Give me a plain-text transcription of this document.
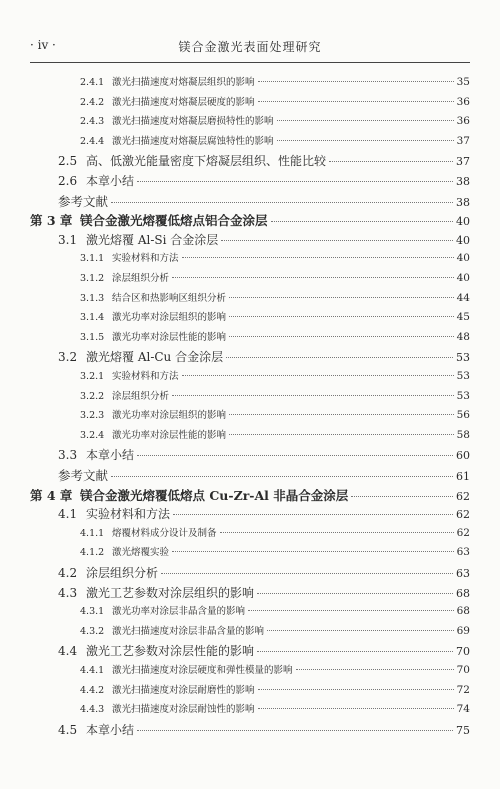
· iv ·	镁合金激光表面处理研究
2.4.1 激光扫描速度对熔凝层组织的影响	35
2.4.2 激光扫描速度对熔凝层硬度的影响	36
2.4.3 激光扫描速度对熔凝层磨损特性的影响	36
2.4.4 激光扫描速度对熔凝层腐蚀特性的影响	37
2.5 高、低激光能量密度下熔凝层组织、性能比较	37
2.6 本章小结	38
参考文献	38
第 3 章 镁合金激光熔覆低熔点铝合金涂层	40
3.1 激光熔覆 Al-Si 合金涂层	40
3.1.1 实验材料和方法	40
3.1.2 涂层组织分析	40
3.1.3 结合区和热影响区组织分析	44
3.1.4 激光功率对涂层组织的影响	45
3.1.5 激光功率对涂层性能的影响	48
3.2 激光熔覆 Al-Cu 合金涂层	53
3.2.1 实验材料和方法	53
3.2.2 涂层组织分析	53
3.2.3 激光功率对涂层组织的影响	56
3.2.4 激光功率对涂层性能的影响	58
3.3 本章小结	60
参考文献	61
第 4 章 镁合金激光熔覆低熔点 Cu-Zr-Al 非晶合金涂层	62
4.1 实验材料和方法	62
4.1.1 熔覆材料成分设计及制备	62
4.1.2 激光熔覆实验	63
4.2 涂层组织分析	63
4.3 激光工艺参数对涂层组织的影响	68
4.3.1 激光功率对涂层非晶含量的影响	68
4.3.2 激光扫描速度对涂层非晶含量的影响	69
4.4 激光工艺参数对涂层性能的影响	70
4.4.1 激光扫描速度对涂层硬度和弹性模量的影响	70
4.4.2 激光扫描速度对涂层耐磨性的影响	72
4.4.3 激光扫描速度对涂层耐蚀性的影响	74
4.5 本章小结	75
